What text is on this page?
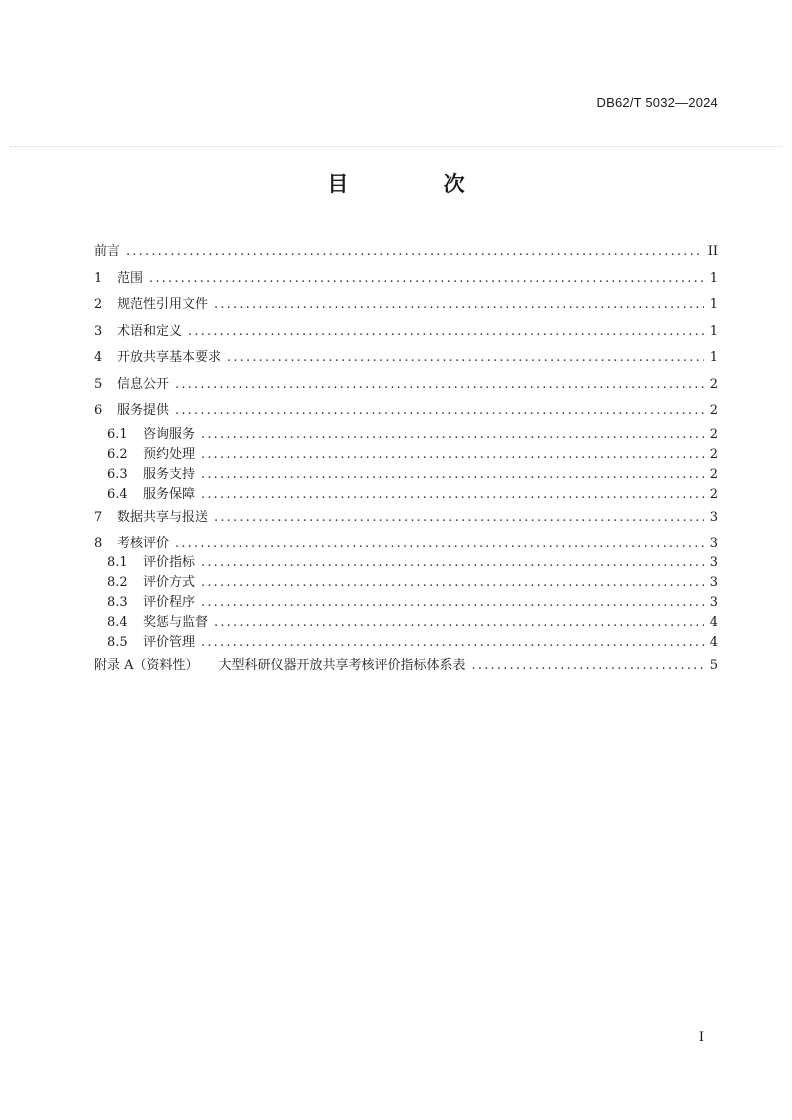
DB62/T 5032—2024
目 次
前言 .....	II
1	范围 .....	1
2	规范性引用文件 .....	1
3	术语和定义 .....	1
4	开放共享基本要求 .....	1
5	信息公开 .....	2
6	服务提供 .....	2
6.1	咨询服务 .....	2
6.2	预约处理 .....	2
6.3	服务支持 .....	2
6.4	服务保障 .....	2
7	数据共享与报送 .....	3
8	考核评价 .....	3
8.1	评价指标 .....	3
8.2	评价方式 .....	3
8.3	评价程序 .....	3
8.4	奖惩与监督 .....	4
8.5	评价管理 .....	4
附录 A（资料性） 大型科研仪器开放共享考核评价指标体系表 .....	5
I
